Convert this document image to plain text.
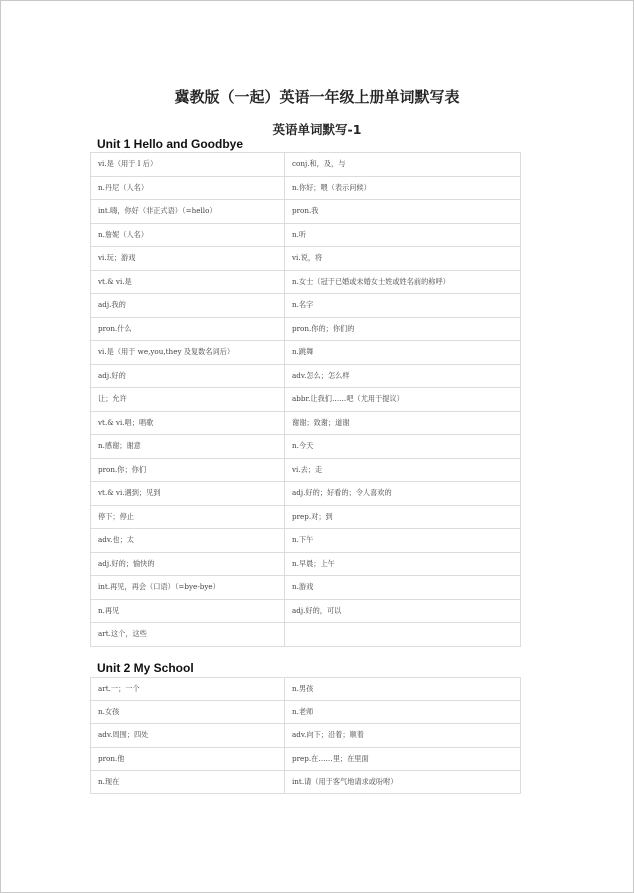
冀教版（一起）英语一年级上册单词默写表
英语单词默写-1
Unit 1 Hello and Goodbye
vi.是（用于 I 后）	conj.和，及，与
n.丹尼（人名）	n.你好；喂（表示问候）
int.嗨，你好（非正式语）（=hello）	pron.我
n.詹妮（人名）	n.听
vi.玩；游戏	vi.说，将
vt.& vi.是	n.女士（冠于已婚或未婚女士姓或姓名前的称呼）
adj.我的	n.名字
pron.什么	pron.你的；你们的
vi.是（用于 we,you,they 及复数名词后）	n.跳舞
adj.好的	adv.怎么；怎么样
让；允许	abbr.让我们……吧（尤用于提议）
vt.& vi.唱；唱歌	谢谢；致谢；道谢
n.感谢；谢意	n.今天
pron.你；你们	vi.去；走
vt.& vi.遇到；见到	adj.好的；好看的；令人喜欢的
停下；停止	prep.对；到
adv.也；太	n.下午
adj.好的；愉快的	n.早晨；上午
int.再见，再会（口语）（=bye-bye）	n.游戏
n.再见	adj.好的，可以
art.这个，这些	
Unit 2 My School
art.一；一个	n.男孩
n.女孩	n.老师
adv.周围；四处	adv.向下；沿着；顺着
pron.他	prep.在……里；在里面
n.现在	int.请（用于客气地请求或吩咐）
